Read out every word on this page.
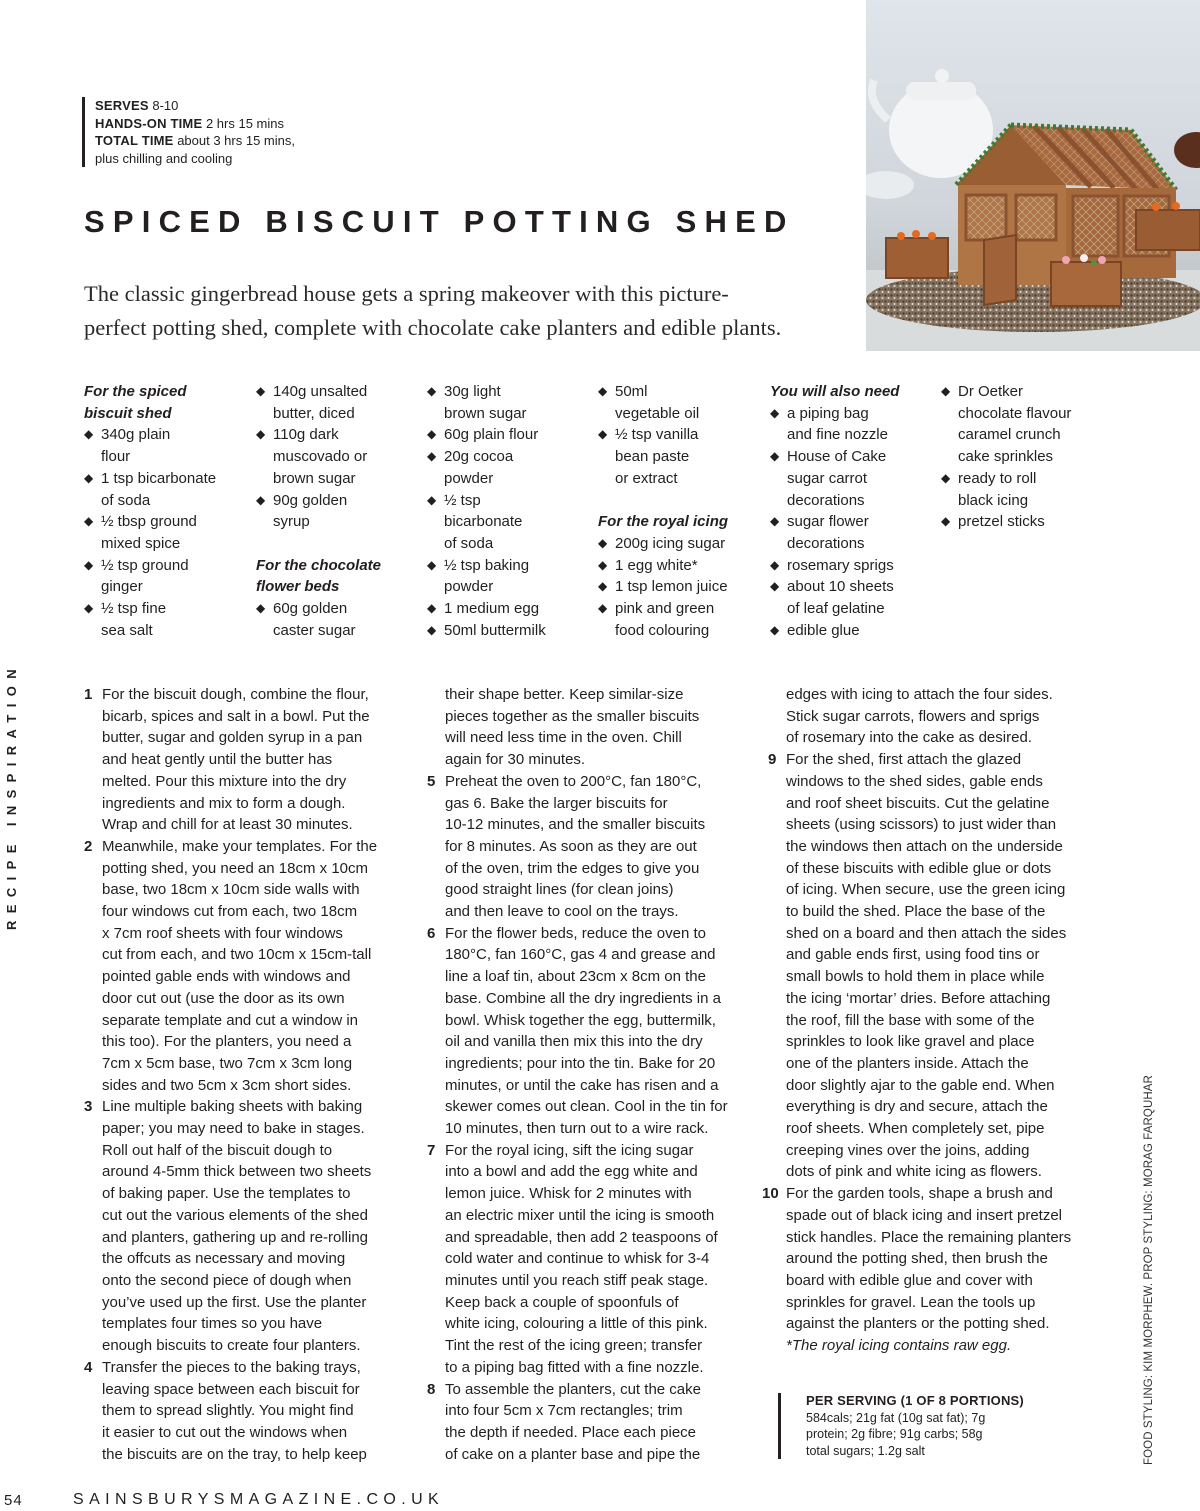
SERVES 8-10
HANDS-ON TIME 2 hrs 15 mins
TOTAL TIME about 3 hrs 15 mins,
plus chilling and cooling
SPICED BISCUIT POTTING SHED

The classic gingerbread house gets a spring makeover with this picture-

perfect potting shed, complete with chocolate cake planters and edible plants.

For the spiced
biscuit shed
◆ 340g plain
flour
◆ 1 tsp bicarbonate
of soda
◆ ½ tbsp ground
mixed spice
◆ ½ tsp ground
ginger
◆ ½ tsp fine
sea salt
◆ 140g unsalted
butter, diced
◆ 110g dark
muscovado or
brown sugar
◆ 90g golden
syrup
For the chocolate
flower beds
◆ 60g golden
caster sugar
◆ 30g light
brown sugar
◆ 60g plain flour
◆ 20g cocoa
powder
◆ ½ tsp
bicarbonate
of soda
◆ ½ tsp baking
powder
◆ 1 medium egg
◆ 50ml buttermilk
◆ 50ml
vegetable oil
◆ ½ tsp vanilla
bean paste
or extract
For the royal icing
◆ 200g icing sugar
◆ 1 egg white*
◆ 1 tsp lemon juice
◆ pink and green
food colouring
You will also need
◆ a piping bag
and fine nozzle
◆ House of Cake
sugar carrot
decorations
◆ sugar flower
decorations
◆ rosemary sprigs
◆ about 10 sheets
of leaf gelatine
◆ edible glue
◆ Dr Oetker
chocolate flavour
caramel crunch
cake sprinkles
◆ ready to roll
black icing
◆ pretzel sticks
RECIPE INSPIRATION	1 For the biscuit dough, combine the flour,
bicarb, spices and salt in a bowl. Put the
butter, sugar and golden syrup in a pan
and heat gently until the butter has
melted. Pour this mixture into the dry
ingredients and mix to form a dough.
Wrap and chill for at least 30 minutes.
2 Meanwhile, make your templates. For the
potting shed, you need an 18cm x 10cm
base, two 18cm x 10cm side walls with
four windows cut from each, two 18cm
x 7cm roof sheets with four windows
cut from each, and two 10cm x 15cm-tall
pointed gable ends with windows and
door cut out (use the door as its own
separate template and cut a window in
this too). For the planters, you need a
7cm x 5cm base, two 7cm x 3cm long
sides and two 5cm x 3cm short sides.
3 Line multiple baking sheets with baking
paper; you may need to bake in stages.
Roll out half of the biscuit dough to
around 4-5mm thick between two sheets
of baking paper. Use the templates to
cut out the various elements of the shed
and planters, gathering up and re-rolling
the offcuts as necessary and moving
onto the second piece of dough when
you’ve used up the first. Use the planter
templates four times so you have
enough biscuits to create four planters.
4 Transfer the pieces to the baking trays,
leaving space between each biscuit for
them to spread slightly. You might find
it easier to cut out the windows when
the biscuits are on the tray, to help keep
their shape better. Keep similar-size
pieces together as the smaller biscuits
will need less time in the oven. Chill
again for 30 minutes.
5 Preheat the oven to 200°C, fan 180°C,
gas 6. Bake the larger biscuits for
10-12 minutes, and the smaller biscuits
for 8 minutes. As soon as they are out
of the oven, trim the edges to give you
good straight lines (for clean joins)
and then leave to cool on the trays.
6 For the flower beds, reduce the oven to
180°C, fan 160°C, gas 4 and grease and
line a loaf tin, about 23cm x 8cm on the
base. Combine all the dry ingredients in a
bowl. Whisk together the egg, buttermilk,
oil and vanilla then mix this into the dry
ingredients; pour into the tin. Bake for 20
minutes, or until the cake has risen and a
skewer comes out clean. Cool in the tin for
10 minutes, then turn out to a wire rack.
7 For the royal icing, sift the icing sugar
into a bowl and add the egg white and
lemon juice. Whisk for 2 minutes with
an electric mixer until the icing is smooth
and spreadable, then add 2 teaspoons of
cold water and continue to whisk for 3-4
minutes until you reach stiff peak stage.
Keep back a couple of spoonfuls of
white icing, colouring a little of this pink.
Tint the rest of the icing green; transfer
to a piping bag fitted with a fine nozzle.
8 To assemble the planters, cut the cake
into four 5cm x 7cm rectangles; trim
the depth if needed. Place each piece
of cake on a planter base and pipe the
edges with icing to attach the four sides.
Stick sugar carrots, flowers and sprigs
of rosemary into the cake as desired.
9 For the shed, first attach the glazed
windows to the shed sides, gable ends
and roof sheet biscuits. Cut the gelatine
sheets (using scissors) to just wider than
the windows then attach on the underside
of these biscuits with edible glue or dots
of icing. When secure, use the green icing
to build the shed. Place the base of the
shed on a board and then attach the sides
and gable ends first, using food tins or
small bowls to hold them in place while
the icing ‘mortar’ dries. Before attaching
the roof, fill the base with some of the
sprinkles to look like gravel and place
one of the planters inside. Attach the
door slightly ajar to the gable end. When
everything is dry and secure, attach the
roof sheets. When completely set, pipe
creeping vines over the joins, adding
dots of pink and white icing as flowers.
10 For the garden tools, shape a brush and
spade out of black icing and insert pretzel
stick handles. Place the remaining planters
around the potting shed, then brush the
board with edible glue and cover with
sprinkles for gravel. Lean the tools up
against the planters or the potting shed.
*The royal icing contains raw egg.
PER SERVING (1 OF 8 PORTIONS)
584cals; 21g fat (10g sat fat); 7g
protein; 2g fibre; 91g carbs; 58g
total sugars; 1.2g salt	FOOD STYLING: KIM MORPHEW. PROP STYLING: MORAG FARQUHAR
54	SAINSBURYSMAGAZINE.CO.UK
